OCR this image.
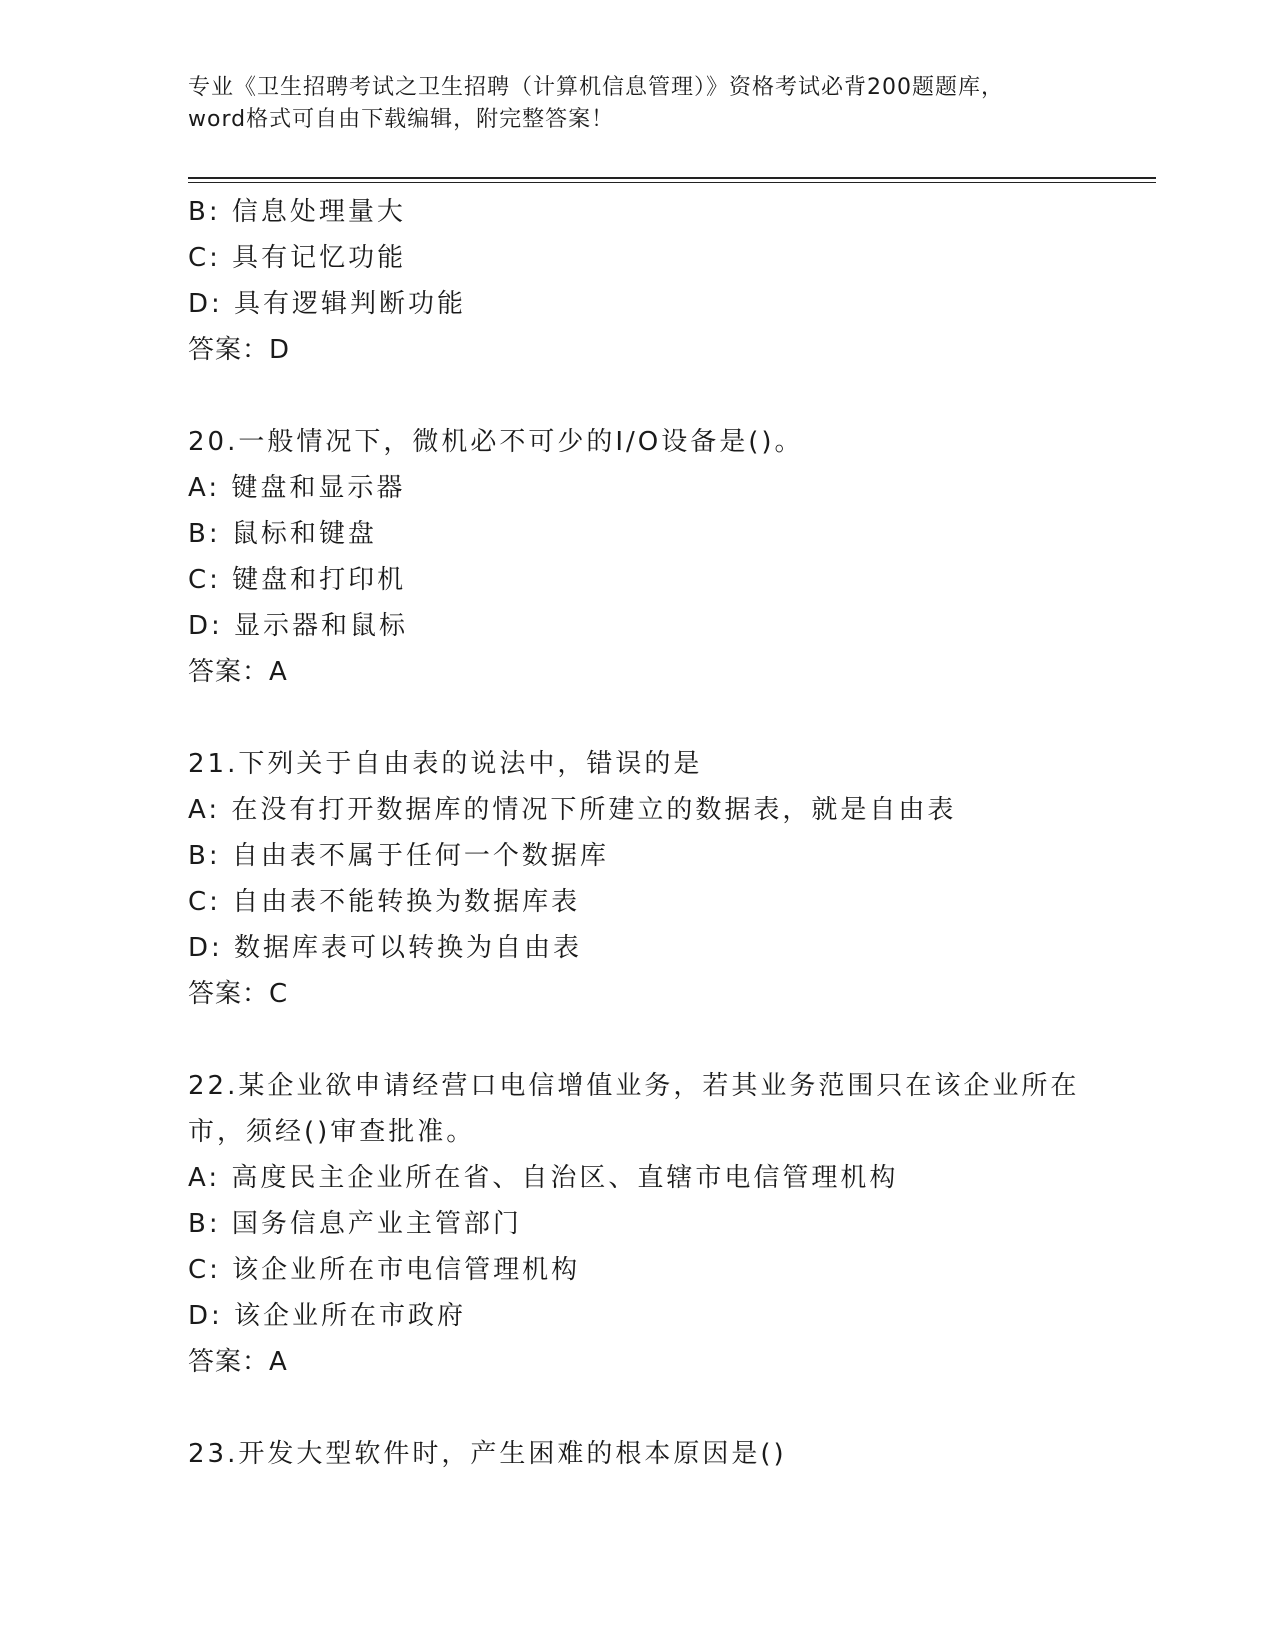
专业《卫生招聘考试之卫生招聘（计算机信息管理）》资格考试必背200题题库，
word格式可自由下载编辑，附完整答案！
B: 信息处理量大
C: 具有记忆功能
D: 具有逻辑判断功能
答案：D
20.一般情况下，微机必不可少的I/O设备是()。
A: 键盘和显示器
B: 鼠标和键盘
C: 键盘和打印机
D: 显示器和鼠标
答案：A
21.下列关于自由表的说法中，错误的是
A: 在没有打开数据库的情况下所建立的数据表，就是自由表
B: 自由表不属于任何一个数据库
C: 自由表不能转换为数据库表
D: 数据库表可以转换为自由表
答案：C
22.某企业欲申请经营口电信增值业务，若其业务范围只在该企业所在
市，须经()审查批准。
A: 高度民主企业所在省、自治区、直辖市电信管理机构
B: 国务信息产业主管部门
C: 该企业所在市电信管理机构
D: 该企业所在市政府
答案：A
23.开发大型软件时，产生困难的根本原因是()
